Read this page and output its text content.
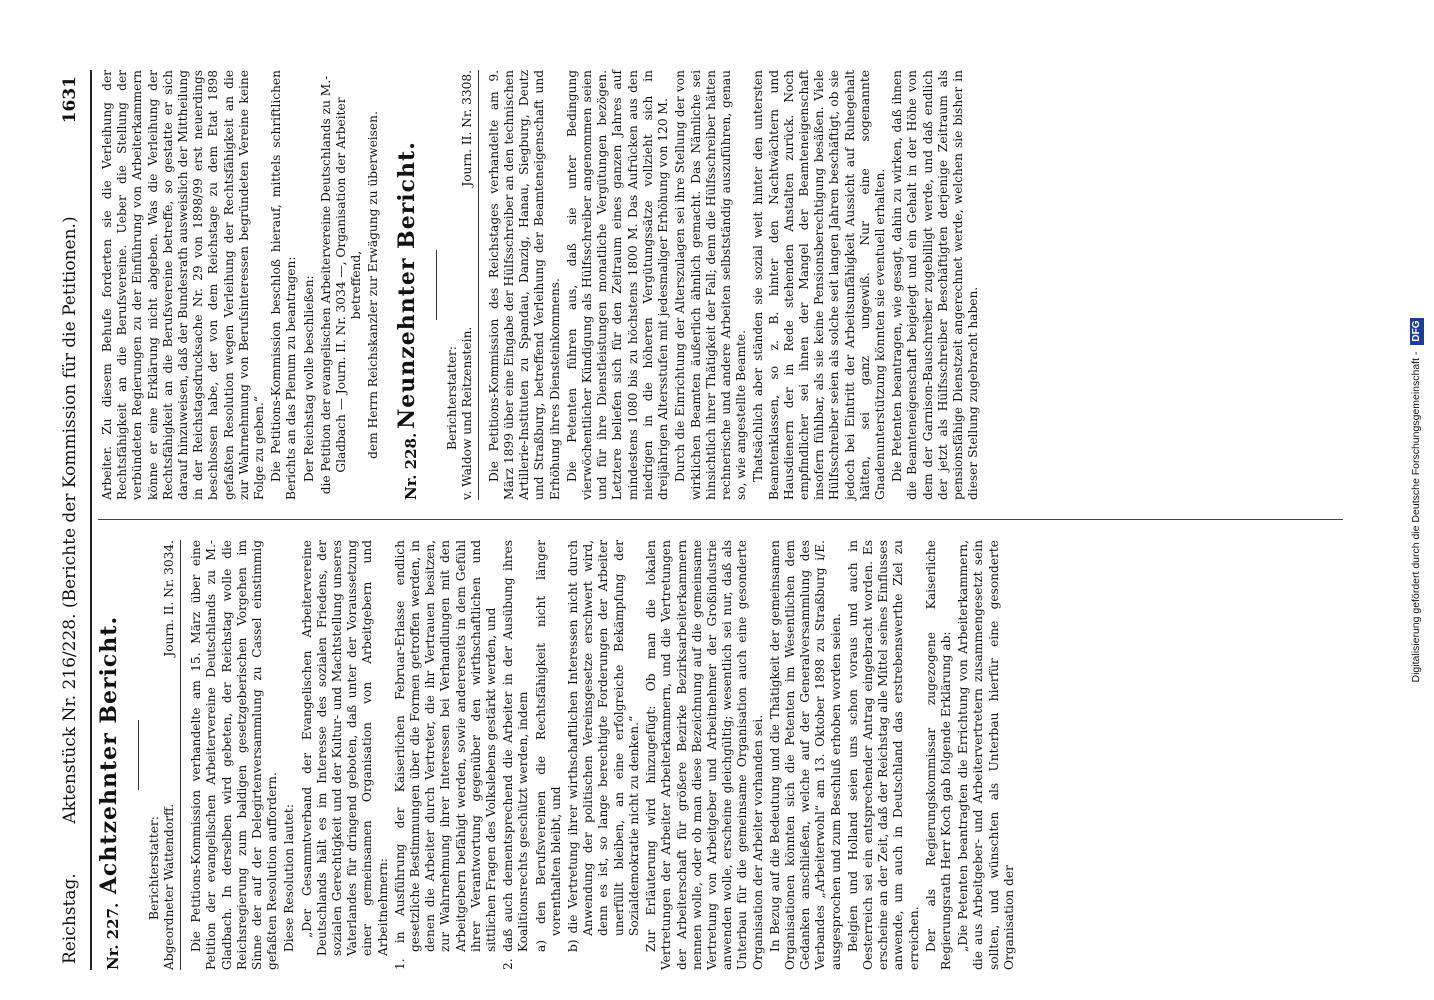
Reichstag.
Aktenstück Nr. 216/228. (Berichte der Kommission für die Petitionen.)
1631
Nr. 227.
Achtzehnter Bericht. Berichterstatter: Abgeordneter Wattendorff.
Journ. II. Nr. 3034. Die Petitions-Kommission verhandelte am 15. März über eine Petition der evangelischen Arbeitervereine Deutschlands zu M.-Gladbach. In derselben wird gebeten, der Reichstag wolle die Reichsregierung zum baldigen gesetzgeberischen Vorgehen im Sinne der auf der Delegirtenversammlung zu Cassel einstimmig gefaßten Resolution auffordern. Diese Resolution lautet: „Der Gesammtverband der Evangelischen Arbeitervereine Deutschlands hält es im Interesse des sozialen Friedens, der sozialen Gerechtigkeit und der Kultur- und Machtstellung unseres Vaterlandes für dringend geboten, daß unter der Voraussetzung einer gemeinsamen Organisation von Arbeitgebern und Arbeitnehmern: 1. in Ausführung der Kaiserlichen Februar-Erlasse endlich gesetzliche Bestimmungen über die Formen getroffen werden, in denen die Arbeiter durch Vertreter, die ihr Vertrauen besitzen, zur Wahrnehmung ihrer Interessen bei Verhandlungen mit den Arbeitgebern befähigt werden, sowie andererseits in dem Gefühl ihrer Verantwortung gegenüber den wirthschaftlichen und sittlichen Fragen des Volkslebens gestärkt werden, und 2. daß auch dementsprechend die Arbeiter in der Ausübung ihres Koalitionsrechts geschützt werden, indem a) den Berufsvereinen die Rechtsfähigkeit nicht länger vorenthalten bleibt, und b) die Vertretung ihrer wirthschaftlichen Interessen nicht durch Anwendung der politischen Vereinsgesetze erschwert wird, denn es ist, so lange berechtigte Forderungen der Arbeiter unerfüllt bleiben, an eine erfolgreiche Bekämpfung der Sozialdemokratie nicht zu denken.“ Zur Erläuterung wird hinzugefügt: Ob man die lokalen Vertretungen der Arbeiter Arbeiterkammern, und die Vertretungen der Arbeiterschaft für größere Bezirke Bezirksarbeiterkammern nennen wolle, oder ob man diese Bezeichnung auf die gemeinsame Vertretung von Arbeitgeber und Arbeitnehmer der Großindustrie anwenden wolle, erscheine gleichgültig; wesentlich sei nur, daß als Unterbau für die gemeinsame Organisation auch eine gesonderte Organisation der Arbeiter vorhanden sei. In Bezug auf die Bedeutung und die Thätigkeit der gemeinsamen Organisationen könnten sich die Petenten im Wesentlichen dem Gedanken anschließen, welche auf der Generalversammlung des Verbandes „Arbeiterwohl“ am 13. Oktober 1898 zu Straßburg i/E. ausgesprochen und zum Beschluß erhoben worden seien. Belgien und Holland seien uns schon voraus und auch in Oesterreich sei ein entsprechender Antrag eingebracht worden. Es erscheine an der Zeit, daß der Reichstag alle Mittel seines Einflusses anwende, um auch in Deutschland das erstrebenswerthe Ziel zu erreichen. Der als Regierungskommissar zugezogene Kaiserliche Regierungsrath Herr Koch gab folgende Erklärung ab: „Die Petenten beantragten die Errichtung von Arbeiterkammern, die aus Arbeitgeber- und Arbeitervertretern zusammengesetzt sein sollten, und wünschten als Unterbau hierfür eine gesonderte Organisation der

Arbeiter. Zu diesem Behufe forderten sie die Verleihung der Rechtsfähigkeit an die Berufsvereine. Ueber die Stellung der verbündeten Regierungen zu der Einführung von Arbeiterkammern könne er eine Erklärung nicht abgeben. Was die Verleihung der Rechtsfähigkeit an die Berufsvereine betreffe, so gestatte er sich darauf hinzuweisen, daß der Bundesrath ausweislich der Mittheilung in der Reichstagsdrucksache Nr. 29 von 1898/99 erst neuerdings beschlossen habe, der von dem Reichstage zu dem Etat 1898 gefaßten Resolution wegen Verleihung der Rechtsfähigkeit an die zur Wahrnehmung von Berufsinteressen begründeten Vereine keine Folge zu geben.“ Die Petitions-Kommission beschloß hierauf, mittels schriftlichen Berichts an das Plenum zu beantragen: Der Reichstag wolle beschließen: die Petition der evangelischen Arbeitervereine Deutschlands zu M.-Gladbach — Journ. II. Nr. 3034 —, Organisation der Arbeiter betreffend, dem Herrn Reichskanzler zur Erwägung zu überweisen.

Nr. 228.
Neunzehnter Bericht. Berichterstatter: v. Waldow und Reitzenstein.
Journ. II. Nr. 3308. Die Petitions-Kommission des Reichstages verhandelte am 9. März 1899 über eine Eingabe der Hülfsschreiber an den technischen Artillerie-Instituten zu Spandau, Danzig, Hanau, Siegburg, Deutz und Straßburg, betreffend Verleihung der Beamteneigenschaft und Erhöhung ihres Diensteinkommens. Die Petenten führen aus, daß sie unter Bedingung vierwöchentlicher Kündigung als Hülfsschreiber angenommen seien und für ihre Dienstleistungen monatliche Vergütungen bezögen. Letztere beliefen sich für den Zeitraum eines ganzen Jahres auf mindestens 1080 bis zu höchstens 1800 M. Das Aufrücken aus den niedrigen in die höheren Vergütungssätze vollzieht sich in dreijährigen Altersstufen mit jedesmaliger Erhöhung von 120 M. Durch die Einrichtung der Alterszulagen sei ihre Stellung der von wirklichen Beamten äußerlich ähnlich gemacht. Das Nämliche sei hinsichtlich ihrer Thätigkeit der Fall; denn die Hülfsschreiber hätten rechnerische und andere Arbeiten selbstständig auszuführen, genau so, wie angestellte Beamte. Thatsächlich aber ständen sie sozial weit hinter den untersten Beamtenklassen, so z. B. hinter den Nachtwächtern und Hausdienern der in Rede stehenden Anstalten zurück. Noch empfindlicher sei ihnen der Mangel der Beamteneigenschaft insofern fühlbar, als sie keine Pensionsberechtigung besäßen. Viele Hülfsschreiber seien als solche seit langen Jahren beschäftigt, ob sie jedoch bei Eintritt der Arbeitsunfähigkeit Aussicht auf Ruhegehalt hätten, sei ganz ungewiß. Nur eine sogenannte Gnadenunterstützung könnten sie eventuell erhalten. Die Petenten beantragen, wie gesagt, dahin zu wirken, daß ihnen die Beamteneigenschaft beigelegt und ein Gehalt in der Höhe von dem der Garnison-Bauschreiber zugebilligt werde, und daß endlich der jetzt als Hülfsschreiber Beschäftigten derjenige Zeitraum als pensionsfähige Dienstzeit angerechnet werde, welchen sie bisher in dieser Stellung zugebracht haben.	Digitalisierung gefördert durch die Deutsche Forschungsgemeinschaft - DFG
